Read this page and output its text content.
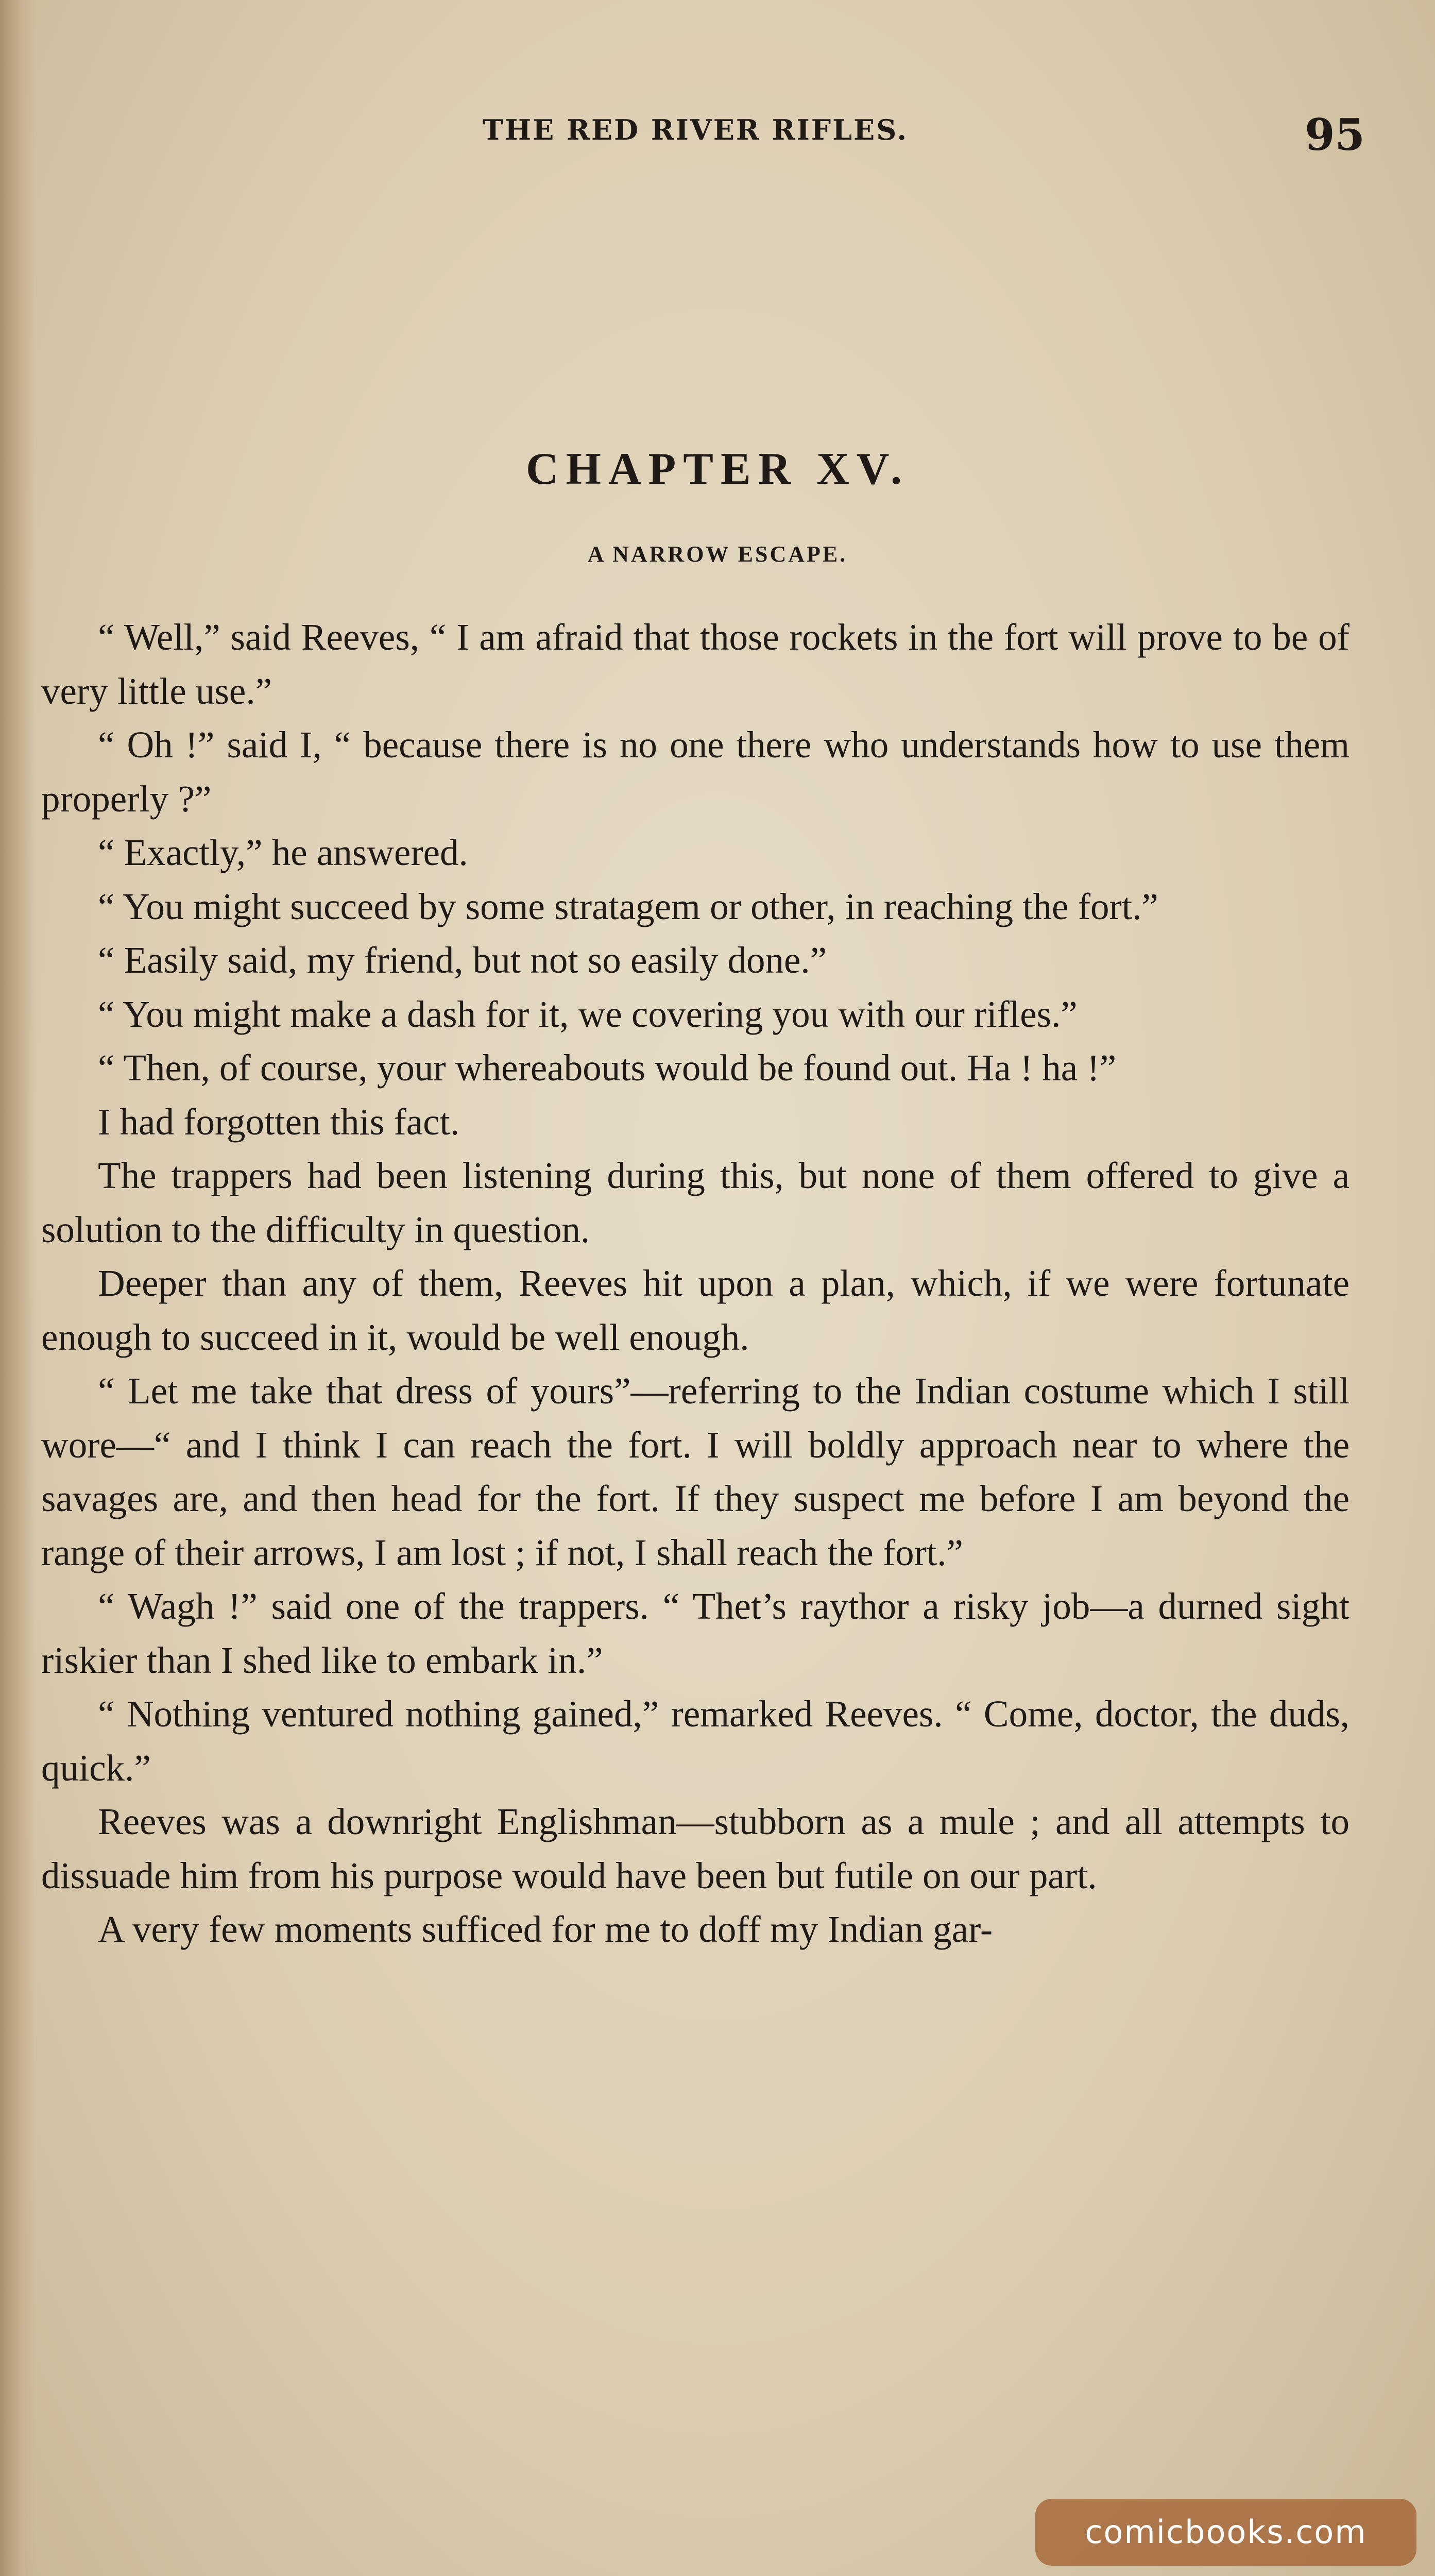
THE RED RIVER RIFLES.	95
CHAPTER XV.
A NARROW ESCAPE.

“ Well,” said Reeves, “ I am afraid that those rockets in the fort will prove to be of very little use.”

“ Oh !” said I, “ because there is no one there who understands how to use them properly ?”

“ Exactly,” he answered.

“ You might succeed by some stratagem or other, in reaching the fort.”

“ Easily said, my friend, but not so easily done.”

“ You might make a dash for it, we covering you with our rifles.”

“ Then, of course, your whereabouts would be found out. Ha ! ha !”

I had forgotten this fact.

The trappers had been listening during this, but none of them offered to give a solution to the difficulty in question.

Deeper than any of them, Reeves hit upon a plan, which, if we were fortunate enough to succeed in it, would be well enough.

“ Let me take that dress of yours”—referring to the Indian costume which I still wore—“ and I think I can reach the fort. I will boldly approach near to where the savages are, and then head for the fort. If they suspect me before I am beyond the range of their arrows, I am lost ; if not, I shall reach the fort.”

“ Wagh !” said one of the trappers. “ Thet’s raythor a risky job—a durned sight riskier than I shed like to embark in.”

“ Nothing ventured nothing gained,” remarked Reeves. “ Come, doctor, the duds, quick.”

Reeves was a downright Englishman—stubborn as a mule ; and all attempts to dissuade him from his purpose would have been but futile on our part.

A very few moments sufficed for me to doff my Indian gar-

comicbooks.com
